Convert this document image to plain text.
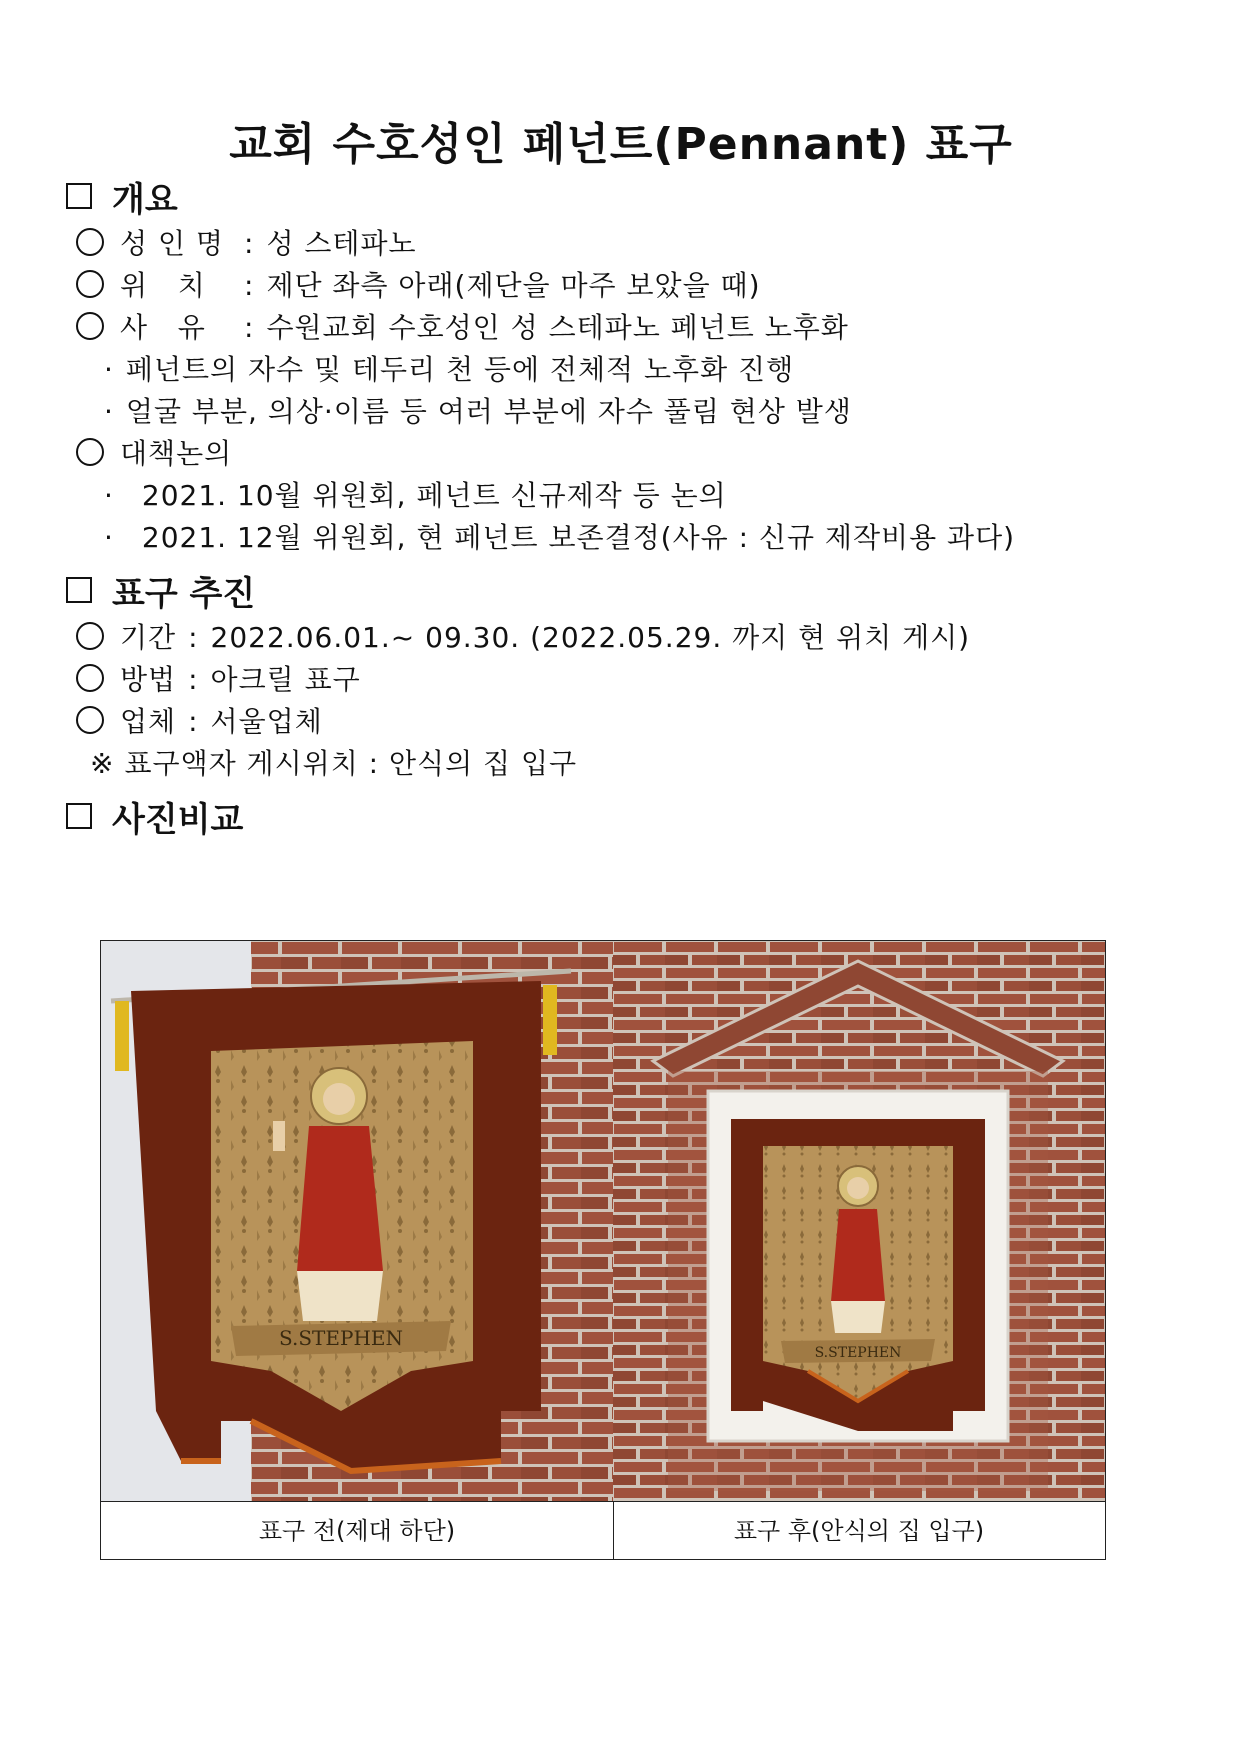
교회 수호성인 페넌트(Pennant) 표구
개요
성 인 명 : 성 스테파노
위   치 : 제단 좌측 아래(제단을 마주 보았을 때)
사   유 : 수원교회 수호성인 성 스테파노 페넌트 노후화
· 페넌트의 자수 및 테두리 천 등에 전체적 노후화 진행
· 얼굴 부분, 의상·이름 등 여러 부분에 자수 풀림 현상 발생
대책논의
· 2021. 10월 위원회, 페넌트 신규제작 등 논의
· 2021. 12월 위원회, 현 페넌트 보존결정(사유 : 신규 제작비용 과다)
표구 추진
기간 : 2022.06.01.~ 09.30. (2022.05.29. 까지 현 위치 게시)
방법 : 아크릴 표구
업체 : 서울업체
※ 표구액자 게시위치 : 안식의 집 입구
사진비교
S.STEPHEN
S.STEPHEN
표구 전(제대 하단)	표구 후(안식의 집 입구)
